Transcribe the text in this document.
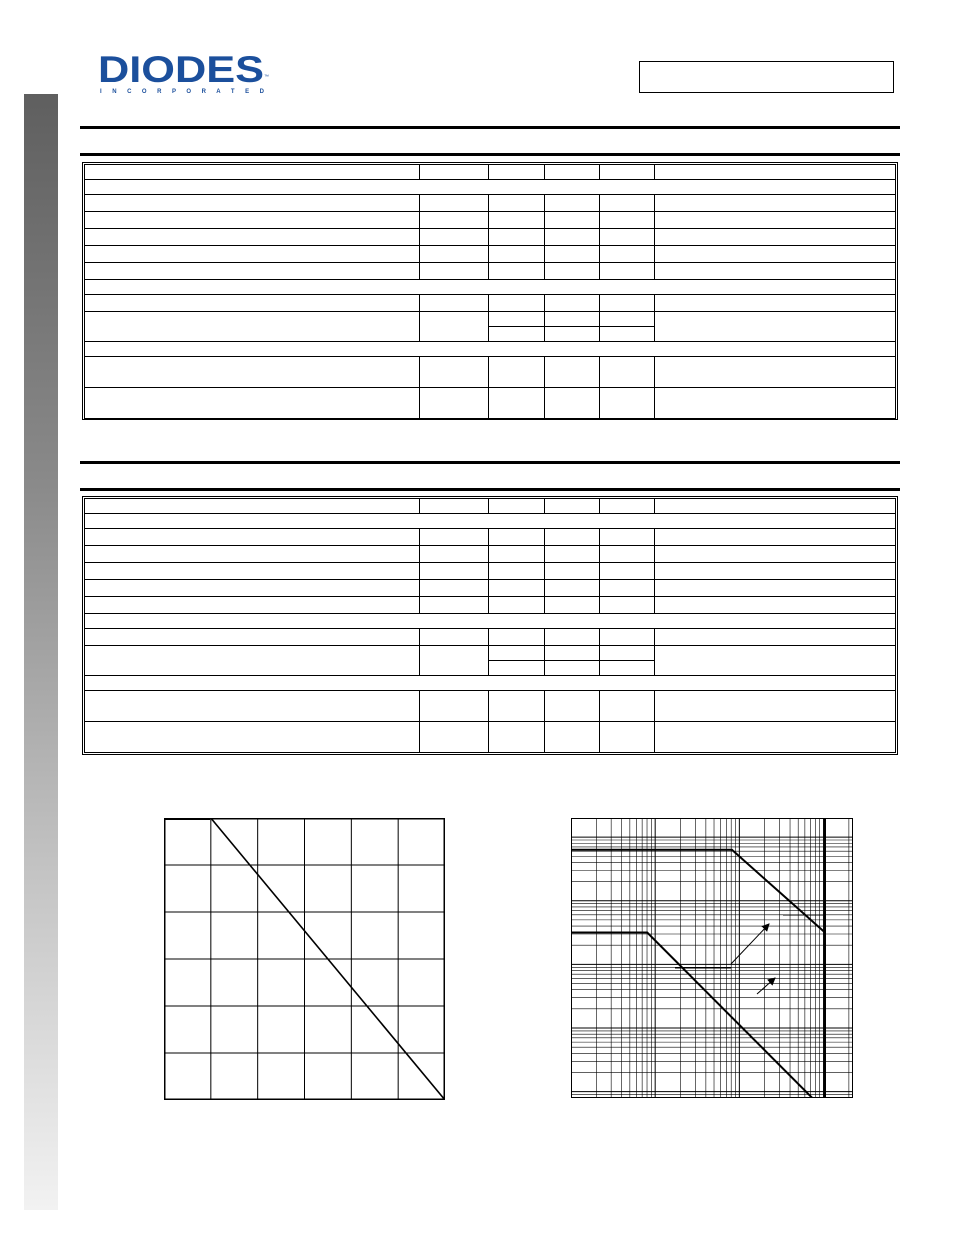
DIODES
I N C O R P O R A T E D
™
